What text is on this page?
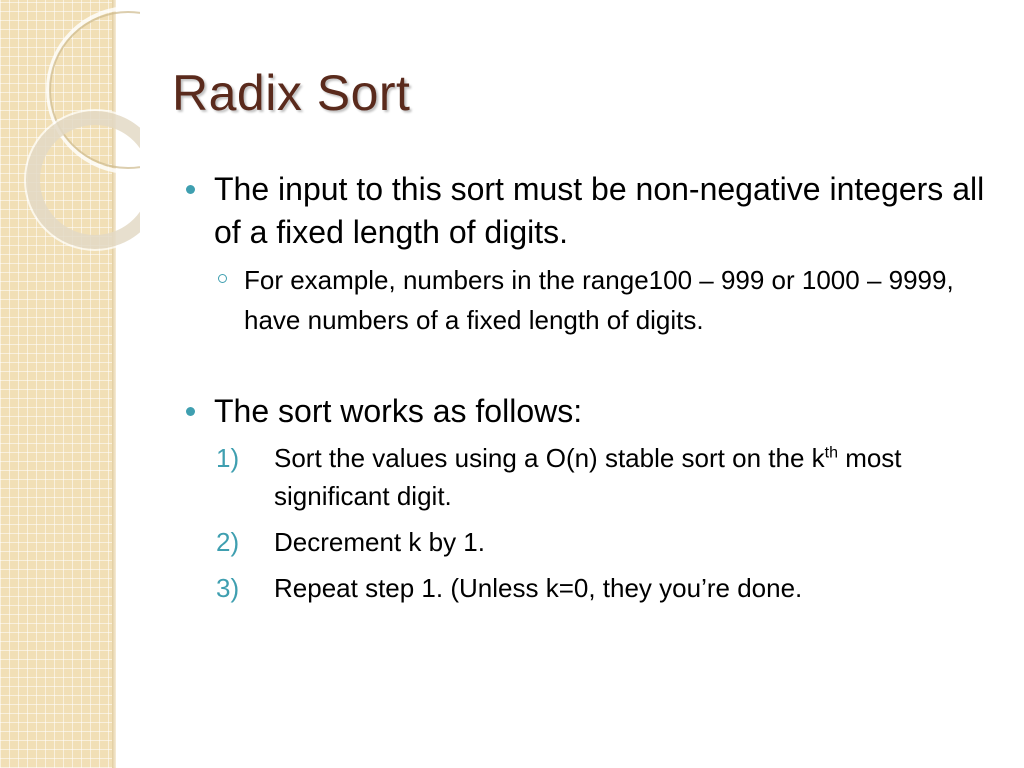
Radix Sort
The input to this sort must be non-negative integers all of a fixed length of digits.
For example, numbers in the range100 – 999 or 1000 – 9999, have numbers of a fixed length of digits.
The sort works as follows:
1) Sort the values using a O(n) stable sort on the $k^{th}$ most significant digit.
2) Decrement k by 1.
3) Repeat step 1. (Unless k=0, they you’re done.
